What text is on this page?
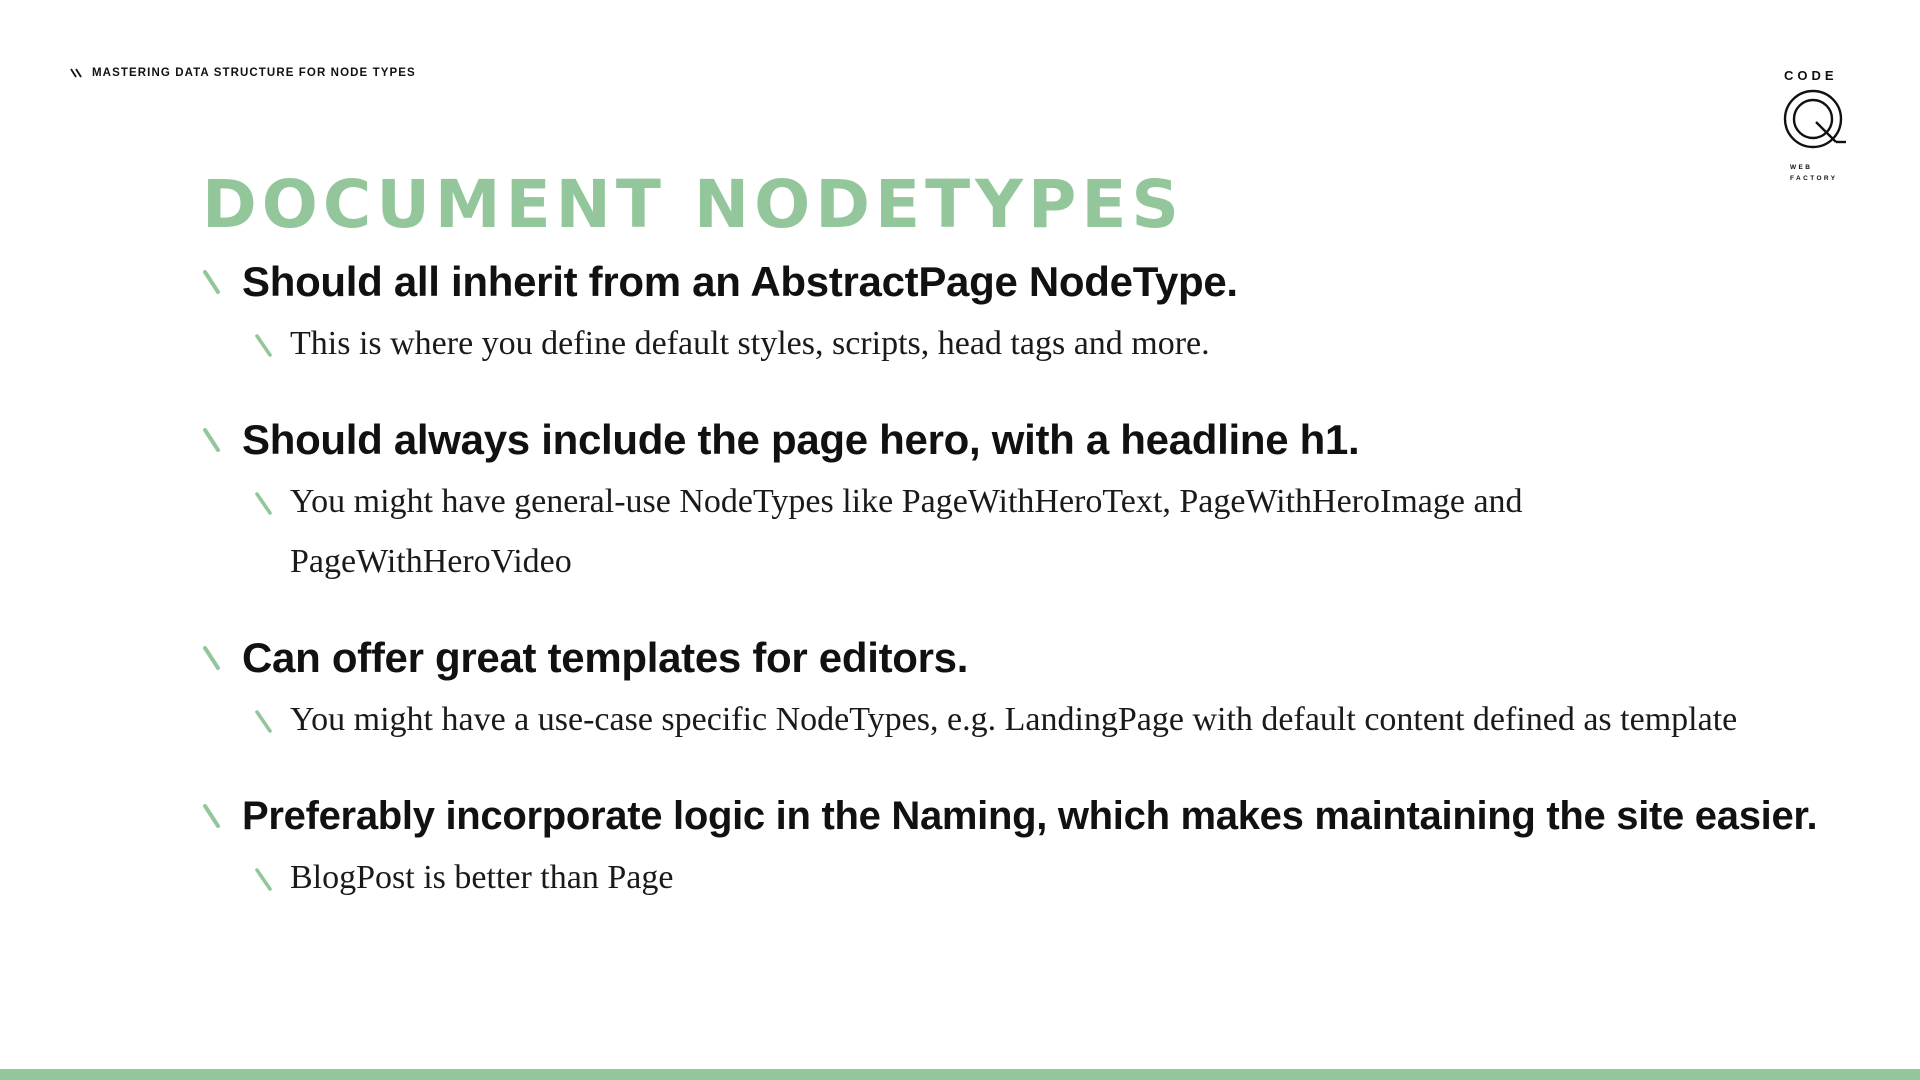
MASTERING DATA STRUCTURE FOR NODE TYPES	CODE
WEB
FACTORY
DOCUMENT NODETYPES
Should all inherit from an AbstractPage NodeType.
This is where you define default styles, scripts, head tags and more.
Should always include the page hero, with a headline h1.
You might have general-use NodeTypes like PageWithHeroText, PageWithHeroImage and PageWithHeroVideo
Can offer great templates for editors.
You might have a use-case specific NodeTypes, e.g. LandingPage with default content defined as template
Preferably incorporate logic in the Naming, which makes maintaining the site easier.
BlogPost is better than Page
